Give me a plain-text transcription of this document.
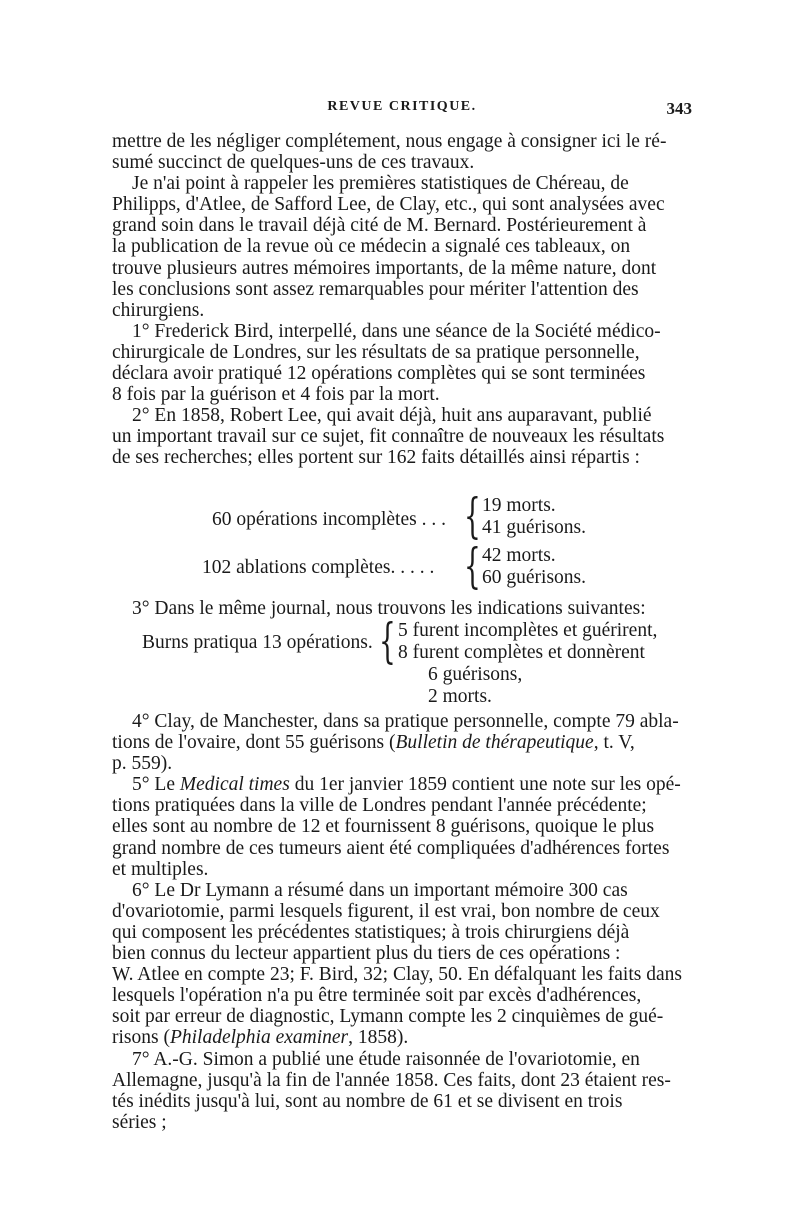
REVUE CRITIQUE.	343

mettre de les négliger complétement, nous engage à consigner ici le ré-
sumé succinct de quelques-uns de ces travaux.

Je n'ai point à rappeler les premières statistiques de Chéreau, de
Philipps, d'Atlee, de Safford Lee, de Clay, etc., qui sont analysées avec
grand soin dans le travail déjà cité de M. Bernard. Postérieurement à
la publication de la revue où ce médecin a signalé ces tableaux, on
trouve plusieurs autres mémoires importants, de la même nature, dont
les conclusions sont assez remarquables pour mériter l'attention des
chirurgiens.

1° Frederick Bird, interpellé, dans une séance de la Société médico-
chirurgicale de Londres, sur les résultats de sa pratique personnelle,
déclara avoir pratiqué 12 opérations complètes qui se sont terminées
8 fois par la guérison et 4 fois par la mort.

2° En 1858, Robert Lee, qui avait déjà, huit ans auparavant, publié
un important travail sur ce sujet, fit connaître de nouveaux les résultats
de ses recherches; elles portent sur 162 faits détaillés ainsi répartis :

60 opérations incomplètes . . . { 19 morts.
41 guérisons.
102 ablations complètes. . . . . { 42 morts.
60 guérisons.

3° Dans le même journal, nous trouvons les indications suivantes:

Burns pratiqua 13 opérations. { 5 furent incomplètes et guérirent,
8 furent complètes et donnèrent
6 guérisons,
2 morts.

4° Clay, de Manchester, dans sa pratique personnelle, compte 79 abla-
tions de l'ovaire, dont 55 guérisons (Bulletin de thérapeutique, t. V,
p. 559).

5° Le Medical times du 1er janvier 1859 contient une note sur les opé-
tions pratiquées dans la ville de Londres pendant l'année précédente;
elles sont au nombre de 12 et fournissent 8 guérisons, quoique le plus
grand nombre de ces tumeurs aient été compliquées d'adhérences fortes
et multiples.

6° Le Dr Lymann a résumé dans un important mémoire 300 cas
d'ovariotomie, parmi lesquels figurent, il est vrai, bon nombre de ceux
qui composent les précédentes statistiques; à trois chirurgiens déjà
bien connus du lecteur appartient plus du tiers de ces opérations :
W. Atlee en compte 23; F. Bird, 32; Clay, 50. En défalquant les faits dans
lesquels l'opération n'a pu être terminée soit par excès d'adhérences,
soit par erreur de diagnostic, Lymann compte les 2 cinquièmes de gué-
risons (Philadelphia examiner, 1858).

7° A.-G. Simon a publié une étude raisonnée de l'ovariotomie, en
Allemagne, jusqu'à la fin de l'année 1858. Ces faits, dont 23 étaient res-
tés inédits jusqu'à lui, sont au nombre de 61 et se divisent en trois
séries ;
